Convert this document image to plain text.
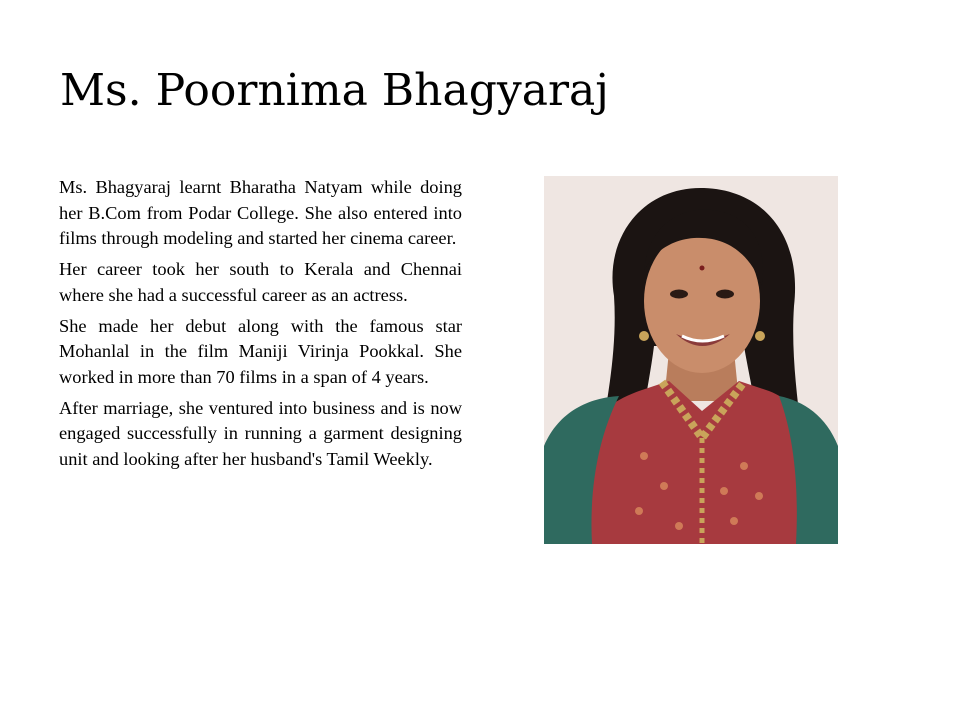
Ms. Poornima Bhagyaraj

Ms. Bhagyaraj learnt Bharatha Natyam while doing her B.Com from Podar College. She also entered into films through modeling and started her cinema career.

Her career took her south to Kerala and Chennai where she had a successful career as an actress.

She made her debut along with the famous star Mohanlal in the film Maniji Virinja Pookkal. She worked in more than 70 films in a span of 4 years.

After marriage, she ventured into business and is now engaged successfully in running a garment designing unit and looking after her husband's Tamil Weekly.
